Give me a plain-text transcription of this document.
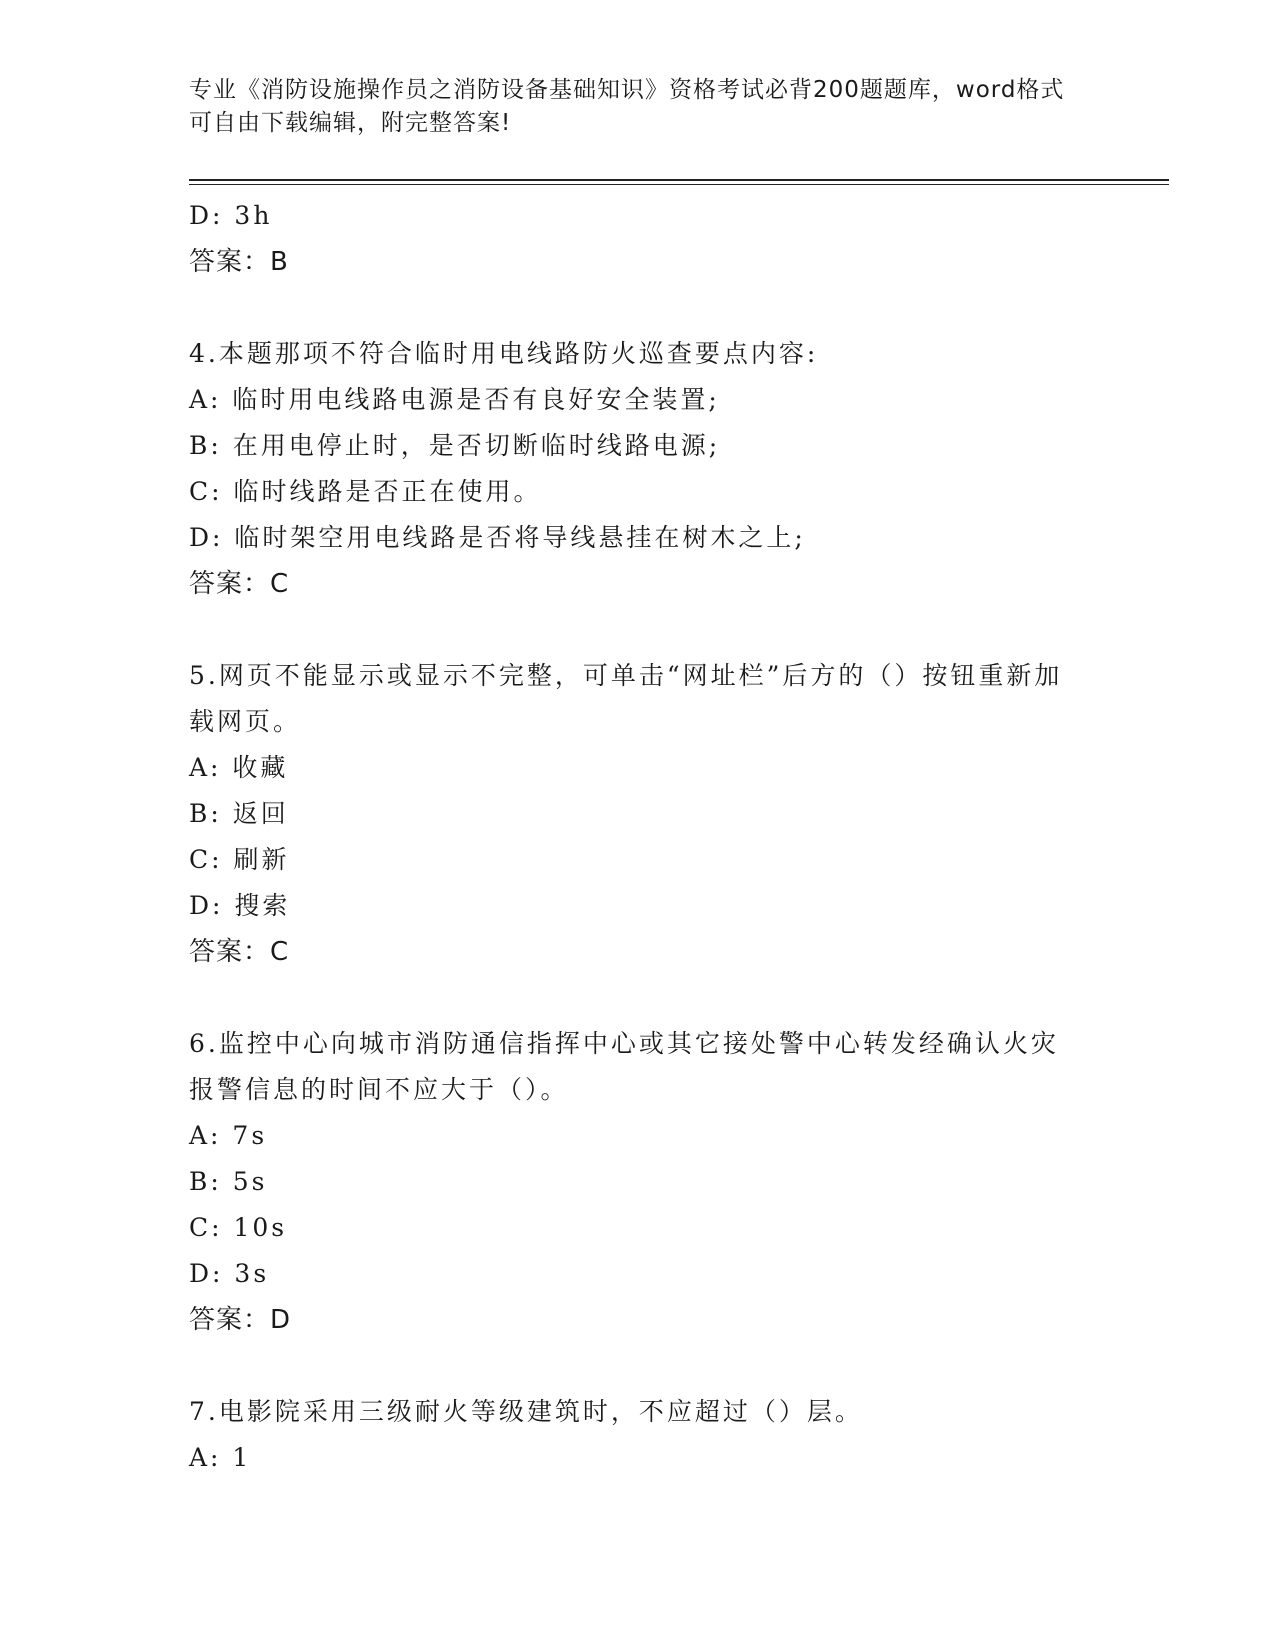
专业《消防设施操作员之消防设备基础知识》资格考试必背200题题库，word格式可自由下载编辑，附完整答案!

D: 3h

答案：B

4.本题那项不符合临时用电线路防火巡查要点内容:

A: 临时用电线路电源是否有良好安全装置;

B: 在用电停止时，是否切断临时线路电源;

C: 临时线路是否正在使用。

D: 临时架空用电线路是否将导线悬挂在树木之上;

答案：C

5.网页不能显示或显示不完整，可单击“网址栏”后方的（）按钮重新加载网页。

A: 收藏

B: 返回

C: 刷新

D: 搜索

答案：C

6.监控中心向城市消防通信指挥中心或其它接处警中心转发经确认火灾报警信息的时间不应大于（）。

A: 7s

B: 5s

C: 10s

D: 3s

答案：D

7.电影院采用三级耐火等级建筑时，不应超过（）层。

A: 1
